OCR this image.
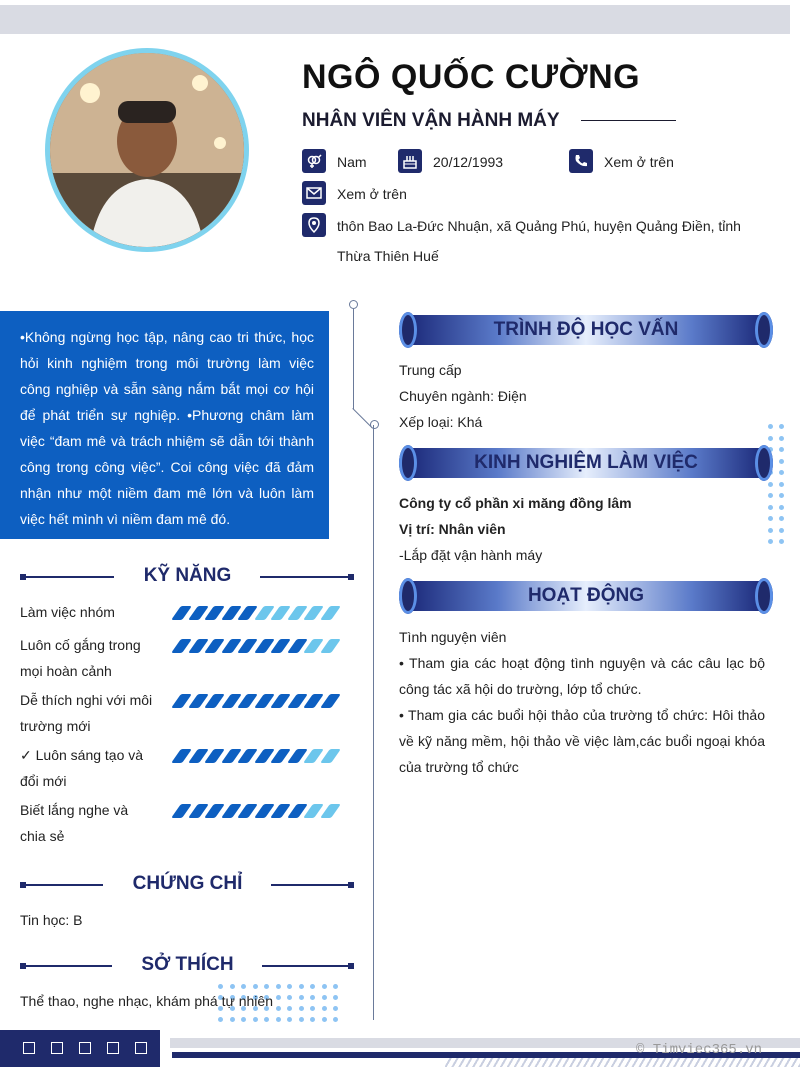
NGÔ QUỐC CƯỜNG
NHÂN VIÊN VẬN HÀNH MÁY
Nam	20/12/1993	Xem ở trên
Xem ở trên
thôn Bao La-Đức Nhuận, xã Quảng Phú, huyện Quảng Điền, tỉnh
Thừa Thiên Huế
•Không ngừng học tập, nâng cao tri thức, học hỏi kinh nghiệm trong môi trường làm việc công nghiệp và sẵn sàng nắm bắt mọi cơ hội để phát triển sự nghiệp. •Phương châm làm việc “đam mê và trách nhiệm sẽ dẫn tới thành công trong công việc”. Coi công việc đã đảm nhận như một niềm đam mê lớn và luôn làm việc hết mình vì niềm đam mê đó.
KỸ NĂNG
Làm việc nhóm
Luôn cố gắng trong
mọi hoàn cảnh
Dễ thích nghi với môi
trường mới
✓ Luôn sáng tạo và
đổi mới
Biết lắng nghe và
chia sẻ
CHỨNG CHỈ
Tin học: B
SỞ THÍCH
Thể thao, nghe nhạc, khám phá tự nhiên
TRÌNH ĐỘ HỌC VẤN
Trung cấp
Chuyên ngành: Điện
Xếp loại: Khá
KINH NGHIỆM LÀM VIỆC
Công ty cổ phần xi măng đồng lâm
Vị trí: Nhân viên
-Lắp đặt vận hành máy
HOẠT ĐỘNG
Tình nguyện viên
• Tham gia các hoạt động tình nguyện và các câu lạc bộ công tác xã hội do trường, lớp tổ chức.
• Tham gia các buổi hội thảo của trường tổ chức: Hôi thảo về kỹ năng mềm, hội thảo về việc làm,các buổi ngoại khóa của trường tổ chức
© Timviec365.vn
